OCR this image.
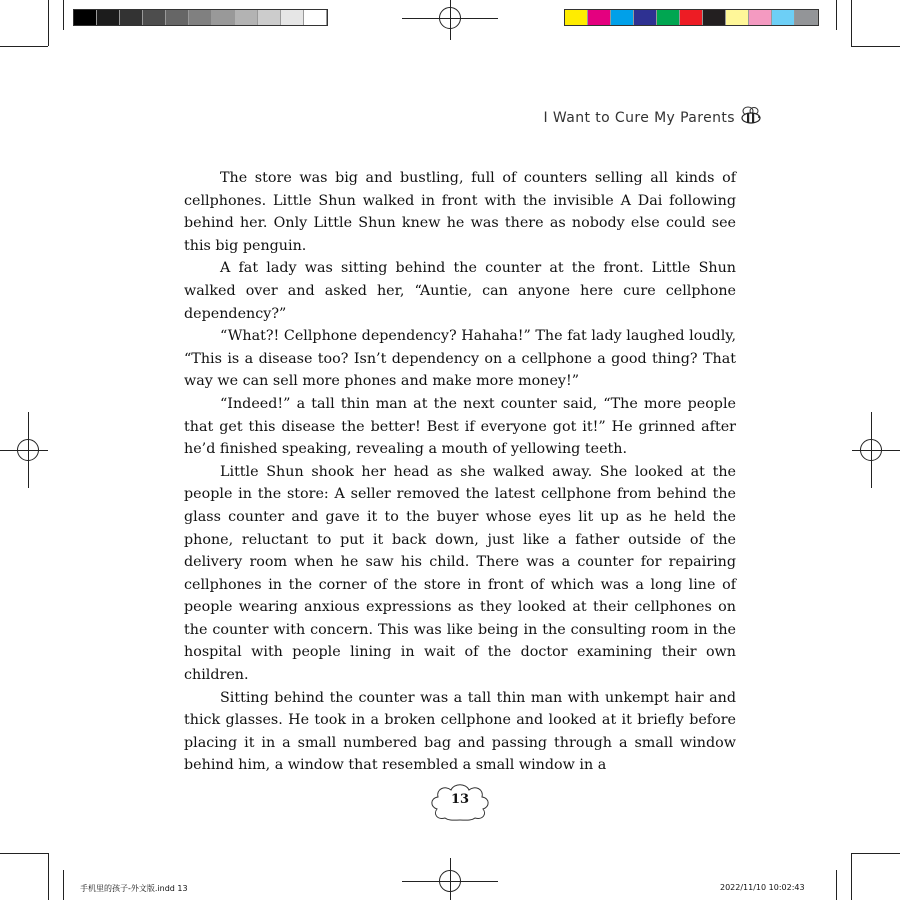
I Want to Cure My Parents

The store was big and bustling, full of counters selling all kinds of cellphones. Little Shun walked in front with the invisible A Dai following behind her. Only Little Shun knew he was there as nobody else could see this big penguin.

A fat lady was sitting behind the counter at the front. Little Shun walked over and asked her, “Auntie, can anyone here cure cellphone dependency?”

“What?! Cellphone dependency? Hahaha!” The fat lady laughed loudly, “This is a disease too? Isn’t dependency on a cellphone a good thing? That way we can sell more phones and make more money!”

“Indeed!” a tall thin man at the next counter said, “The more people that get this disease the better! Best if everyone got it!” He grinned after he’d finished speaking, revealing a mouth of yellowing teeth.

Little Shun shook her head as she walked away. She looked at the people in the store: A seller removed the latest cellphone from behind the glass counter and gave it to the buyer whose eyes lit up as he held the phone, reluctant to put it back down, just like a father outside of the delivery room when he saw his child. There was a counter for repairing cellphones in the corner of the store in front of which was a long line of people wearing anxious expressions as they looked at their cellphones on the counter with concern. This was like being in the consulting room in the hospital with people lining in wait of the doctor examining their own children.

Sitting behind the counter was a tall thin man with unkempt hair and thick glasses. He took in a broken cellphone and looked at it briefly before placing it in a small numbered bag and passing through a small window behind him, a window that resembled a small window in a

13
手机里的孩子-外文版.indd 13	2022/11/10 10:02:43
